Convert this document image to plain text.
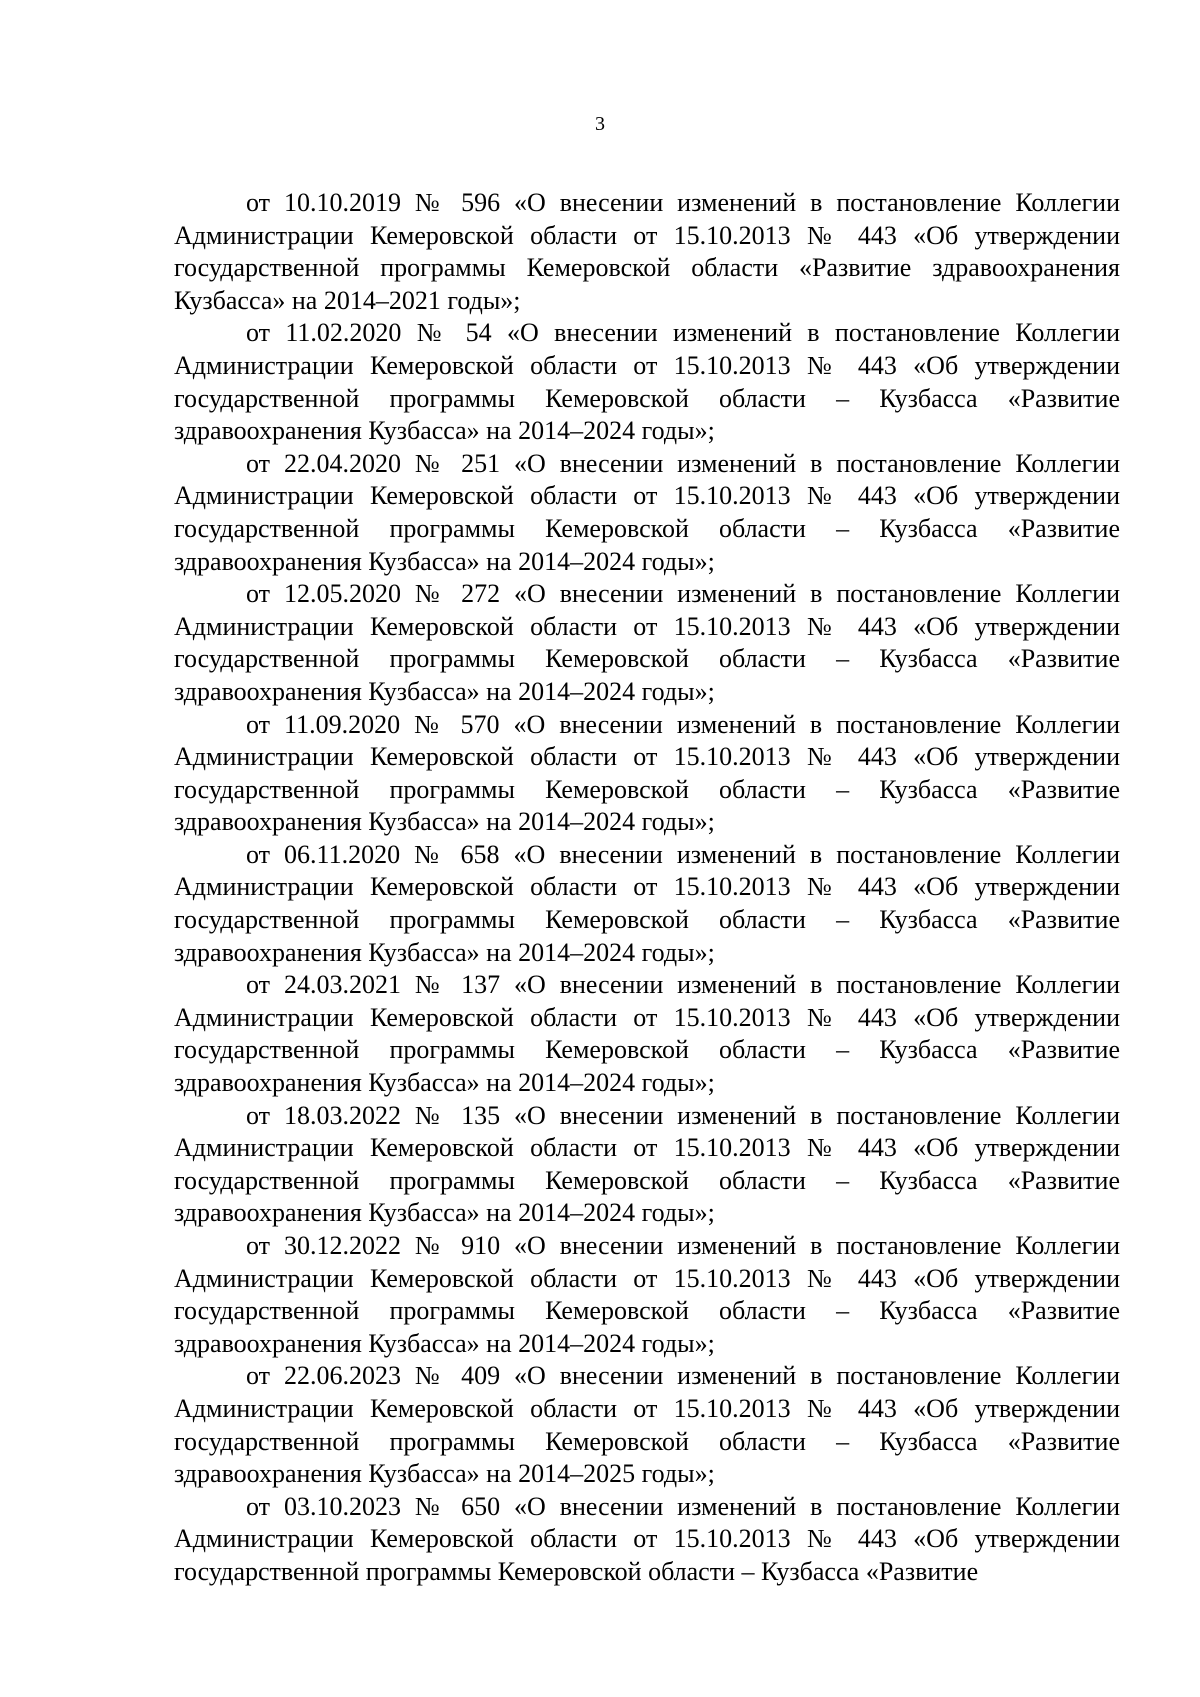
3

от 10.10.2019 № 596 «О внесении изменений в постановление Коллегии Администрации Кемеровской области от 15.10.2013 № 443 «Об утверждении государственной программы Кемеровской области «Развитие здравоохранения Кузбасса» на 2014–2021 годы»;

от 11.02.2020 № 54 «О внесении изменений в постановление Коллегии Администрации Кемеровской области от 15.10.2013 № 443 «Об утверждении государственной программы Кемеровской области – Кузбасса «Развитие здравоохранения Кузбасса» на 2014–2024 годы»;

от 22.04.2020 № 251 «О внесении изменений в постановление Коллегии Администрации Кемеровской области от 15.10.2013 № 443 «Об утверждении государственной программы Кемеровской области – Кузбасса «Развитие здравоохранения Кузбасса» на 2014–2024 годы»;

от 12.05.2020 № 272 «О внесении изменений в постановление Коллегии Администрации Кемеровской области от 15.10.2013 № 443 «Об утверждении государственной программы Кемеровской области – Кузбасса «Развитие здравоохранения Кузбасса» на 2014–2024 годы»;

от 11.09.2020 № 570 «О внесении изменений в постановление Коллегии Администрации Кемеровской области от 15.10.2013 № 443 «Об утверждении государственной программы Кемеровской области – Кузбасса «Развитие здравоохранения Кузбасса» на 2014–2024 годы»;

от 06.11.2020 № 658 «О внесении изменений в постановление Коллегии Администрации Кемеровской области от 15.10.2013 № 443 «Об утверждении государственной программы Кемеровской области – Кузбасса «Развитие здравоохранения Кузбасса» на 2014–2024 годы»;

от 24.03.2021 № 137 «О внесении изменений в постановление Коллегии Администрации Кемеровской области от 15.10.2013 № 443 «Об утверждении государственной программы Кемеровской области – Кузбасса «Развитие здравоохранения Кузбасса» на 2014–2024 годы»;

от 18.03.2022 № 135 «О внесении изменений в постановление Коллегии Администрации Кемеровской области от 15.10.2013 № 443 «Об утверждении государственной программы Кемеровской области – Кузбасса «Развитие здравоохранения Кузбасса» на 2014–2024 годы»;

от 30.12.2022 № 910 «О внесении изменений в постановление Коллегии Администрации Кемеровской области от 15.10.2013 № 443 «Об утверждении государственной программы Кемеровской области – Кузбасса «Развитие здравоохранения Кузбасса» на 2014–2024 годы»;

от 22.06.2023 № 409 «О внесении изменений в постановление Коллегии Администрации Кемеровской области от 15.10.2013 № 443 «Об утверждении государственной программы Кемеровской области – Кузбасса «Развитие здравоохранения Кузбасса» на 2014–2025 годы»;

от 03.10.2023 № 650 «О внесении изменений в постановление Коллегии Администрации Кемеровской области от 15.10.2013 № 443 «Об утверждении государственной программы Кемеровской области – Кузбасса «Развитие
